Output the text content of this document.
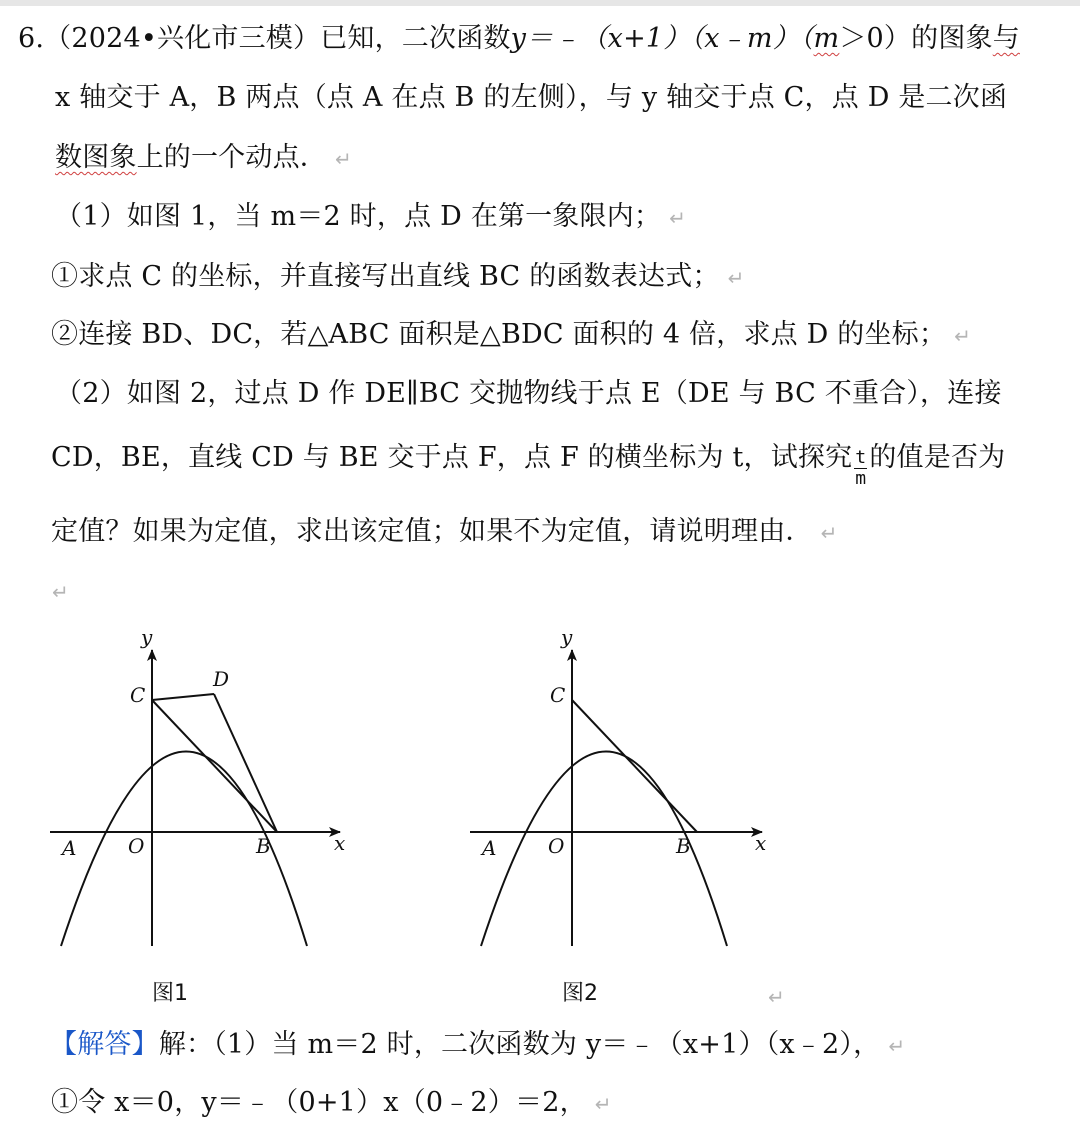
6.（2024•兴化市三模）已知，二次函数y＝﹣（x+1）（x﹣m）（m＞0）的图象与
x 轴交于 A，B 两点（点 A 在点 B 的左侧），与 y 轴交于点 C，点 D 是二次函
数图象上的一个动点． ↵
（1）如图 1，当 m＝2 时，点 D 在第一象限内； ↵
①求点 C 的坐标，并直接写出直线 BC 的函数表达式； ↵
②连接 BD、DC，若△ABC 面积是△BDC 面积的 4 倍，求点 D 的坐标； ↵
（2）如图 2，过点 D 作 DE∥BC 交抛物线于点 E（DE 与 BC 不重合），连接
CD，BE，直线 CD 与 BE 交于点 F，点 F 的横坐标为 t，试探究 $\frac{t}{m}$ 的值是否为
定值？如果为定值，求出该定值；如果不为定值，请说明理由． ↵
↵
y
x
C
D
A	O	B
y
x
C
A	O	B
图1	图2	↵
【解答】解：（1）当 m＝2 时，二次函数为 y＝﹣（x+1）（x﹣2）， ↵
①令 x＝0，y＝﹣（0+1）x（0﹣2）＝2， ↵
